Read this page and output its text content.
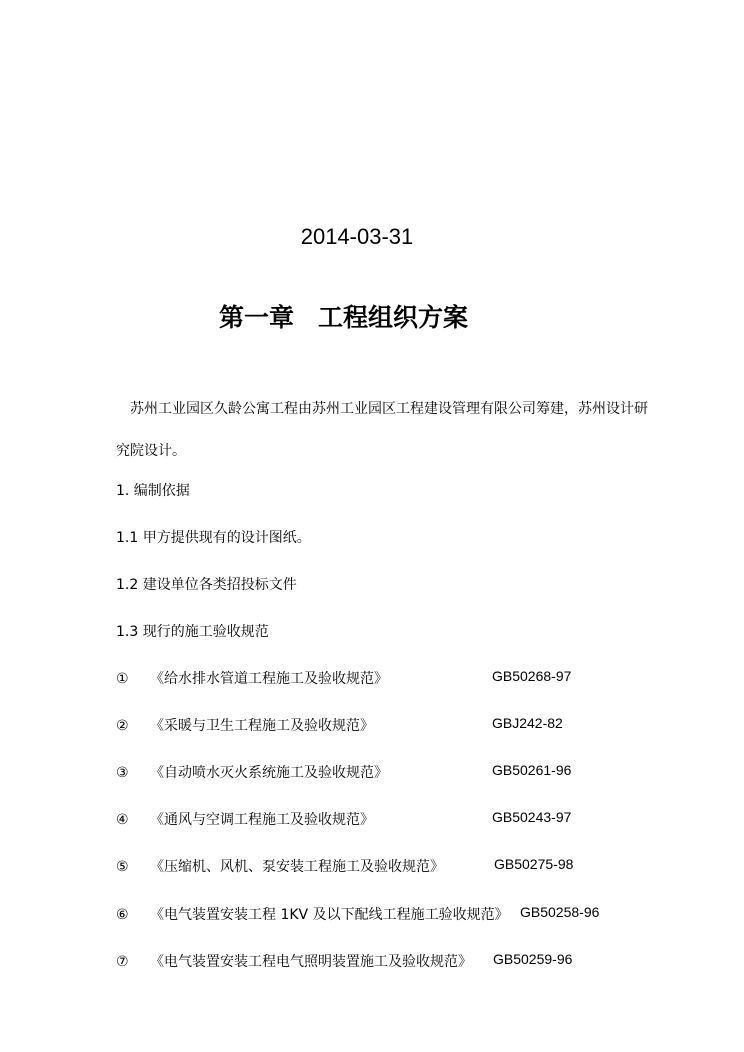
2014-03-31
第一章 工程组织方案
苏州工业园区久龄公寓工程由苏州工业园区工程建设管理有限公司筹建，苏州设计研
究院设计。
1. 编制依据
1.1 甲方提供现有的设计图纸。
1.2 建设单位各类招投标文件
1.3 现行的施工验收规范
① 《给水排水管道工程施工及验收规范》	GB50268-97
② 《采暖与卫生工程施工及验收规范》	GBJ242-82
③ 《自动喷水灭火系统施工及验收规范》	GB50261-96
④ 《通风与空调工程施工及验收规范》	GB50243-97
⑤ 《压缩机、风机、泵安装工程施工及验收规范》	GB50275-98
⑥ 《电气装置安装工程 1KV 及以下配线工程施工验收规范》 GB50258-96
⑦ 《电气装置安装工程电气照明装置施工及验收规范》 GB50259-96
